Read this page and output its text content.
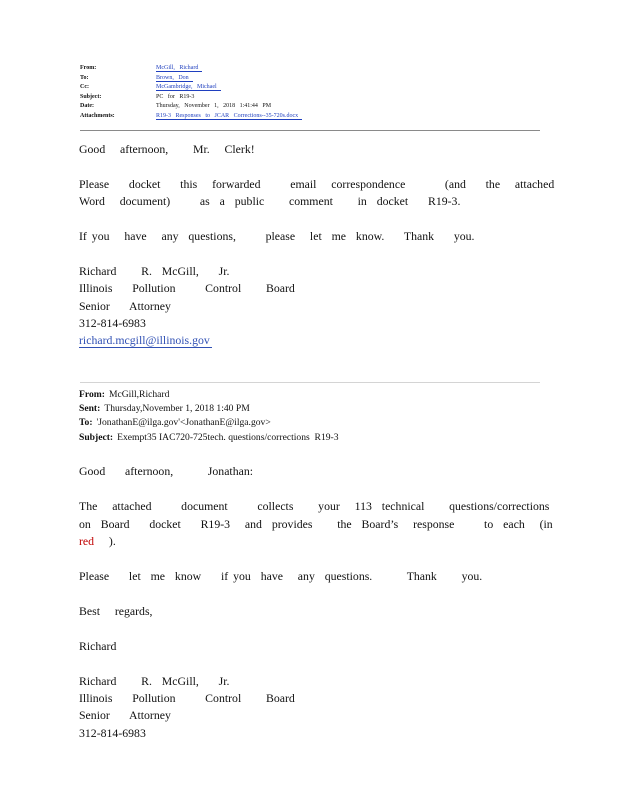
From:	McGill, Richard
To:	Brown, Don
Cc:	McGambridge, Michael
Subject:	PC for R19-3
Date:	Thursday, November 1, 2018 1:41:44 PM
Attachments:	R19-3 Responses to JCAR Corrections--35-720s.docx
Good   afternoon,     Mr.   Clerk!
Please    docket    this   forwarded      email   correspondence        (and    the   attached
Word   document)      as  a  public     comment     in  docket    R19-3.
If you   have   any  questions,      please   let  me  know.    Thank    you.
Richard     R.  McGill,    Jr.
Illinois    Pollution      Control     Board
Senior    Attorney
312-814-6983
richard.mcgill@illinois.gov
From: McGill,Richard
Sent: Thursday,November 1, 2018 1:40 PM
To: 'JonathanE@ilga.gov'<JonathanE@ilga.gov>
Subject: Exempt35 IAC720-725tech. questions/corrections  R19-3
Good    afternoon,       Jonathan:
The   attached      document      collects     your   113  technical     questions/corrections
on  Board    docket    R19-3   and  provides     the  Board’s   response      to  each   (in
red   ).
Please    let  me  know    if you  have   any  questions.       Thank     you.
Best   regards,
Richard
Richard     R.  McGill,    Jr.
Illinois    Pollution      Control     Board
Senior    Attorney
312-814-6983
